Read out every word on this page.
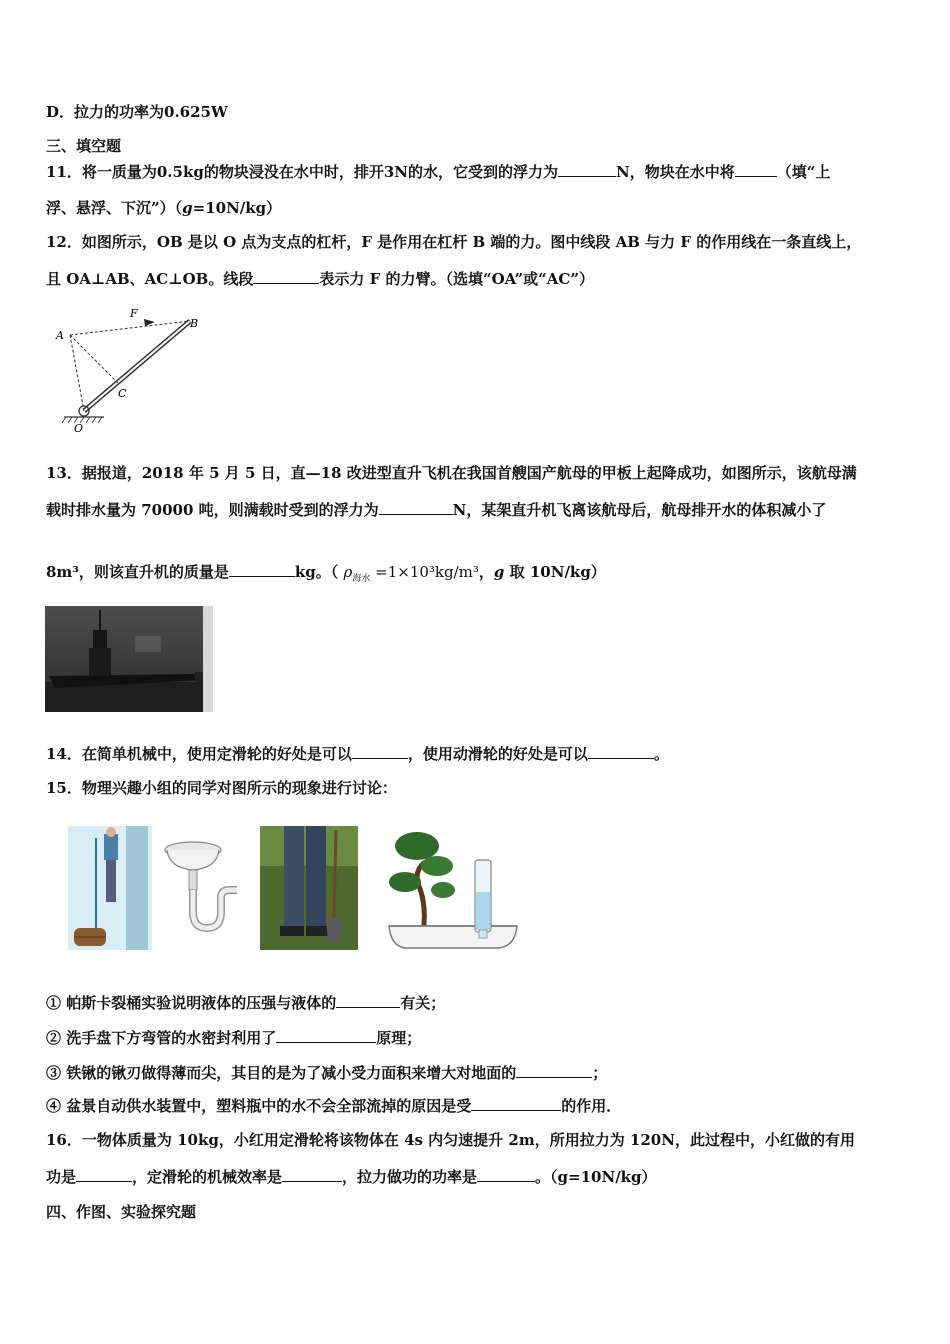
D．拉力的功率为0.625W
三、填空题
11．将一质量为0.5kg的物块浸没在水中时，排开3N的水，它受到的浮力为	N，物块在水中将	（填“上
浮、悬浮、下沉”）（g=10N/kg）
12．如图所示，OB 是以 O 点为支点的杠杆，F 是作用在杠杆 B 端的力。图中线段 AB 与力 F 的作用线在一条直线上，
且 OA⊥AB、AC⊥OB。线段	表示力 F 的力臂。（选填“OA”或“AC”）
A
B
C
F
O
13．据报道，2018 年 5 月 5 日，直—18 改进型直升飞机在我国首艘国产航母的甲板上起降成功，如图所示，该航母满
载时排水量为 70000 吨，则满载时受到的浮力为	N，某架直升机飞离该航母后，航母排开水的体积减小了
8m³，则该直升机的质量是	kg。（ $\rho_{海水} =1\times 10^3kg/m^3$，g 取 10N/kg）
14．在简单机械中，使用定滑轮的好处是可以	，使用动滑轮的好处是可以	。
15．物理兴趣小组的同学对图所示的现象进行讨论：
① 帕斯卡裂桶实验说明液体的压强与液体的	有关；
② 洗手盘下方弯管的水密封利用了	原理；
③ 铁锹的锹刃做得薄而尖，其目的是为了减小受力面积来增大对地面的	；
④ 盆景自动供水装置中，塑料瓶中的水不会全部流掉的原因是受	的作用．
16．一物体质量为 10kg，小红用定滑轮将该物体在 4s 内匀速提升 2m，所用拉力为 120N，此过程中，小红做的有用
功是	，定滑轮的机械效率是	，拉力做功的功率是	。（g=10N/kg）
四、作图、实验探究题
